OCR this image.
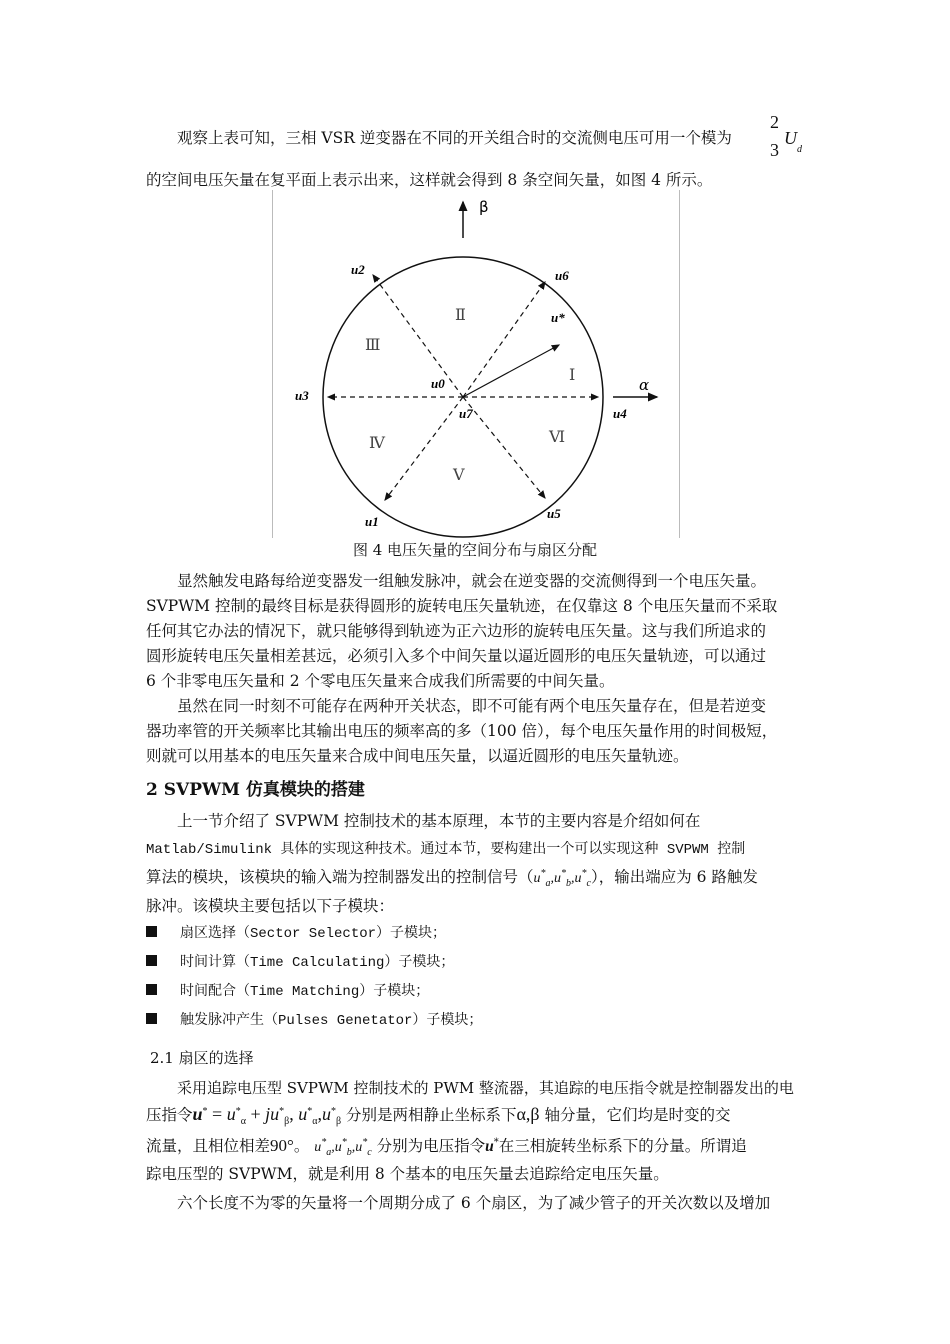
观察上表可知，三相 VSR 逆变器在不同的开关组合时的交流侧电压可用一个模为
2
3
U
d
的空间电压矢量在复平面上表示出来，这样就会得到 8 条空间矢量，如图 4 所示。
β
α
u2	u6
u*
u3
u0
u7	u4
u1
u5
Ⅱ
Ⅲ
Ⅰ
Ⅳ	Ⅵ
Ⅴ
图 4 电压矢量的空间分布与扇区分配
显然触发电路每给逆变器发一组触发脉冲，就会在逆变器的交流侧得到一个电压矢量。
SVPWM 控制的最终目标是获得圆形的旋转电压矢量轨迹，在仅靠这 8 个电压矢量而不采取
任何其它办法的情况下，就只能够得到轨迹为正六边形的旋转电压矢量。这与我们所追求的
圆形旋转电压矢量相差甚远，必须引入多个中间矢量以逼近圆形的电压矢量轨迹，可以通过
6 个非零电压矢量和 2 个零电压矢量来合成我们所需要的中间矢量。
虽然在同一时刻不可能存在两种开关状态，即不可能有两个电压矢量存在，但是若逆变
器功率管的开关频率比其输出电压的频率高的多（100 倍），每个电压矢量作用的时间极短，
则就可以用基本的电压矢量来合成中间电压矢量，以逼近圆形的电压矢量轨迹。
2 SVPWM 仿真模块的搭建
上一节介绍了 SVPWM 控制技术的基本原理，本节的主要内容是介绍如何在
Matlab/Simulink 具体的实现这种技术。通过本节，要构建出一个可以实现这种 SVPWM 控制
算法的模块，该模块的输入端为控制器发出的控制信号$(u^*_a,u^*_b,u^*_c)$，输出端应为 6 路触发
脉冲。该模块主要包括以下子模块：
扇区选择（Sector Selector）子模块；
时间计算（Time Calculating）子模块；
时间配合（Time Matching）子模块；
触发脉冲产生（Pulses Genetator）子模块；
2.1 扇区的选择
采用追踪电压型 SVPWM 控制技术的 PWM 整流器，其追踪的电压指令就是控制器发出的电
压指令$u^* = u^*_\alpha + ju^*_\beta$, $u^*_\alpha,u^*_\beta$ 分别是两相静止坐标系下α,β 轴分量，它们均是时变的交
流量，且相位相差90°。 $u^*_a,u^*_b,u^*_c$ 分别为电压指令u*在三相旋转坐标系下的分量。所谓追
踪电压型的 SVPWM，就是利用 8 个基本的电压矢量去追踪给定电压矢量。
六个长度不为零的矢量将一个周期分成了 6 个扇区，为了减少管子的开关次数以及增加
